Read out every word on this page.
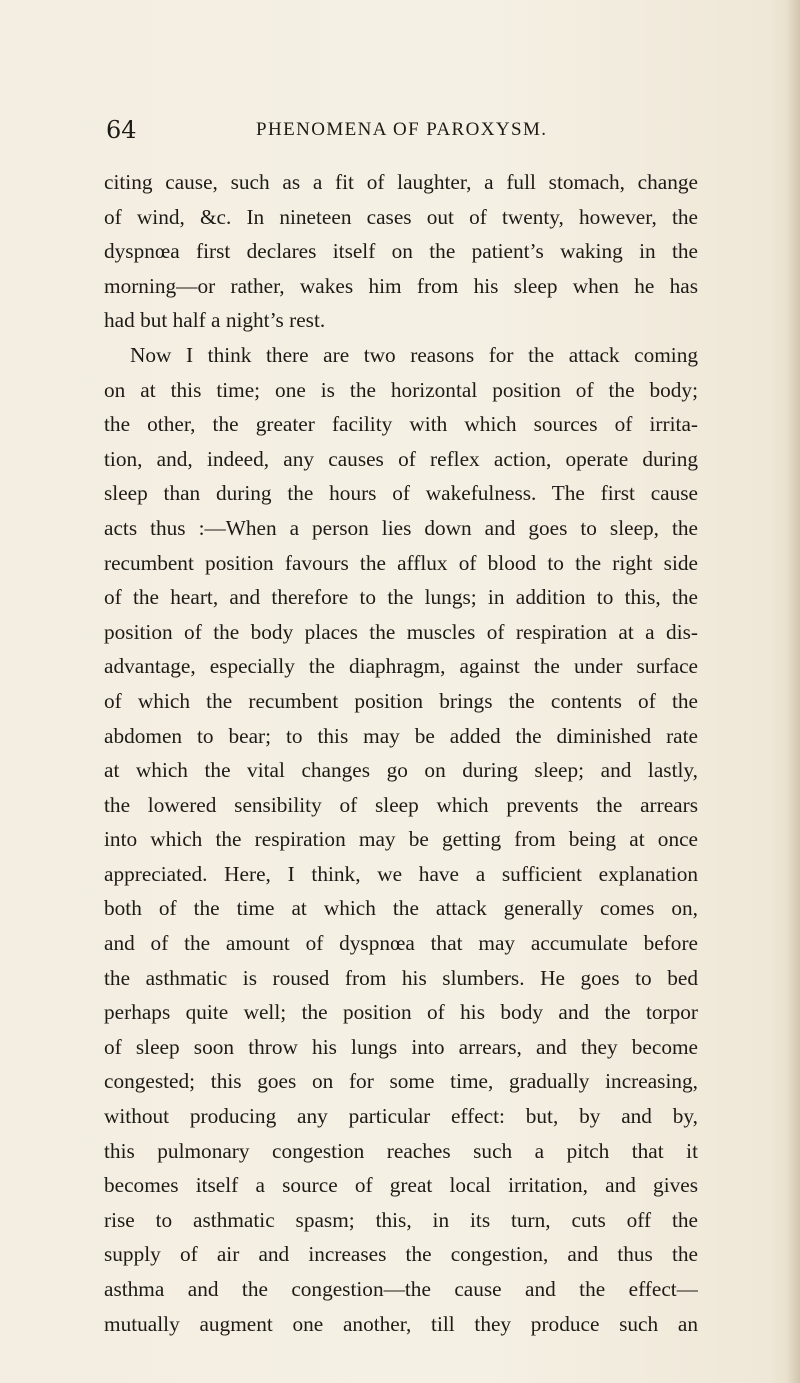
64	PHENOMENA OF PAROXYSM.
citing cause, such as a fit of laughter, a full stomach, change
of wind, &c. In nineteen cases out of twenty, however, the
dyspnœa first declares itself on the patient’s waking in the
morning—or rather, wakes him from his sleep when he has
had but half a night’s rest.
Now I think there are two reasons for the attack coming
on at this time; one is the horizontal position of the body;
the other, the greater facility with which sources of irrita-
tion, and, indeed, any causes of reflex action, operate during
sleep than during the hours of wakefulness. The first cause
acts thus :—When a person lies down and goes to sleep, the
recumbent position favours the afflux of blood to the right side
of the heart, and therefore to the lungs; in addition to this, the
position of the body places the muscles of respiration at a dis-
advantage, especially the diaphragm, against the under surface
of which the recumbent position brings the contents of the
abdomen to bear; to this may be added the diminished rate
at which the vital changes go on during sleep; and lastly,
the lowered sensibility of sleep which prevents the arrears
into which the respiration may be getting from being at once
appreciated. Here, I think, we have a sufficient explanation
both of the time at which the attack generally comes on,
and of the amount of dyspnœa that may accumulate before
the asthmatic is roused from his slumbers. He goes to bed
perhaps quite well; the position of his body and the torpor
of sleep soon throw his lungs into arrears, and they become
congested; this goes on for some time, gradually increasing,
without producing any particular effect: but, by and by,
this pulmonary congestion reaches such a pitch that it
becomes itself a source of great local irritation, and gives
rise to asthmatic spasm; this, in its turn, cuts off the
supply of air and increases the congestion, and thus the
asthma and the congestion—the cause and the effect—
mutually augment one another, till they produce such an
